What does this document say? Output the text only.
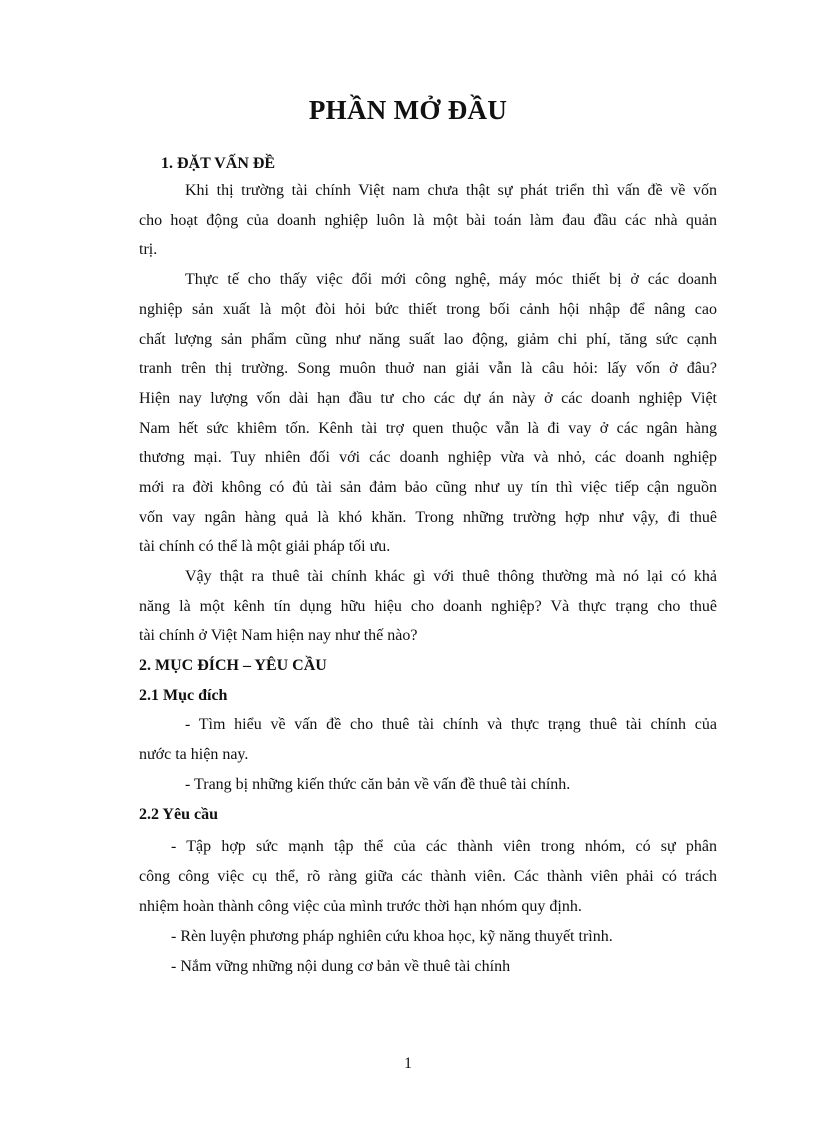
PHẦN MỞ ĐẦU
1. ĐẶT VẤN ĐỀ
Khi thị trường tài chính Việt nam chưa thật sự phát triển thì vấn đề về vốn
cho hoạt động của doanh nghiệp luôn là một bài toán làm đau đầu các nhà quản
trị.
Thực tế cho thấy việc đổi mới công nghệ, máy móc thiết bị ở các doanh
nghiệp sản xuất là một đòi hỏi bức thiết trong bối cảnh hội nhập để nâng cao
chất lượng sản phẩm cũng như năng suất lao động, giảm chi phí, tăng sức cạnh
tranh trên thị trường. Song muôn thuở nan giải vẫn là câu hỏi: lấy vốn ở đâu?
Hiện nay lượng vốn dài hạn đầu tư cho các dự án này ở các doanh nghiệp Việt
Nam hết sức khiêm tốn. Kênh tài trợ quen thuộc vẫn là đi vay ở các ngân hàng
thương mại. Tuy nhiên đối với các doanh nghiệp vừa và nhỏ, các doanh nghiệp
mới ra đời không có đủ tài sản đảm bảo cũng như uy tín thì việc tiếp cận nguồn
vốn vay ngân hàng quả là khó khăn. Trong những trường hợp như vậy, đi thuê
tài chính có thể là một giải pháp tối ưu.
Vậy thật ra thuê tài chính khác gì với thuê thông thường mà nó lại có khả
năng là một kênh tín dụng hữu hiệu cho doanh nghiệp? Và thực trạng cho thuê
tài chính ở Việt Nam hiện nay như thế nào?
2. MỤC ĐÍCH – YÊU CẦU
2.1 Mục đích
- Tìm hiểu về vấn đề cho thuê tài chính và thực trạng thuê tài chính của
nước ta hiện nay.
- Trang bị những kiến thức căn bản về vấn đề thuê tài chính.
2.2 Yêu cầu
- Tập hợp sức mạnh tập thể của các thành viên trong nhóm, có sự phân
công công việc cụ thể, rõ ràng giữa các thành viên. Các thành viên phải có trách
nhiệm hoàn thành công việc của mình trước thời hạn nhóm quy định.
- Rèn luyện phương pháp nghiên cứu khoa học, kỹ năng thuyết trình.
- Nắm vững những nội dung cơ bản về thuê tài chính
1
